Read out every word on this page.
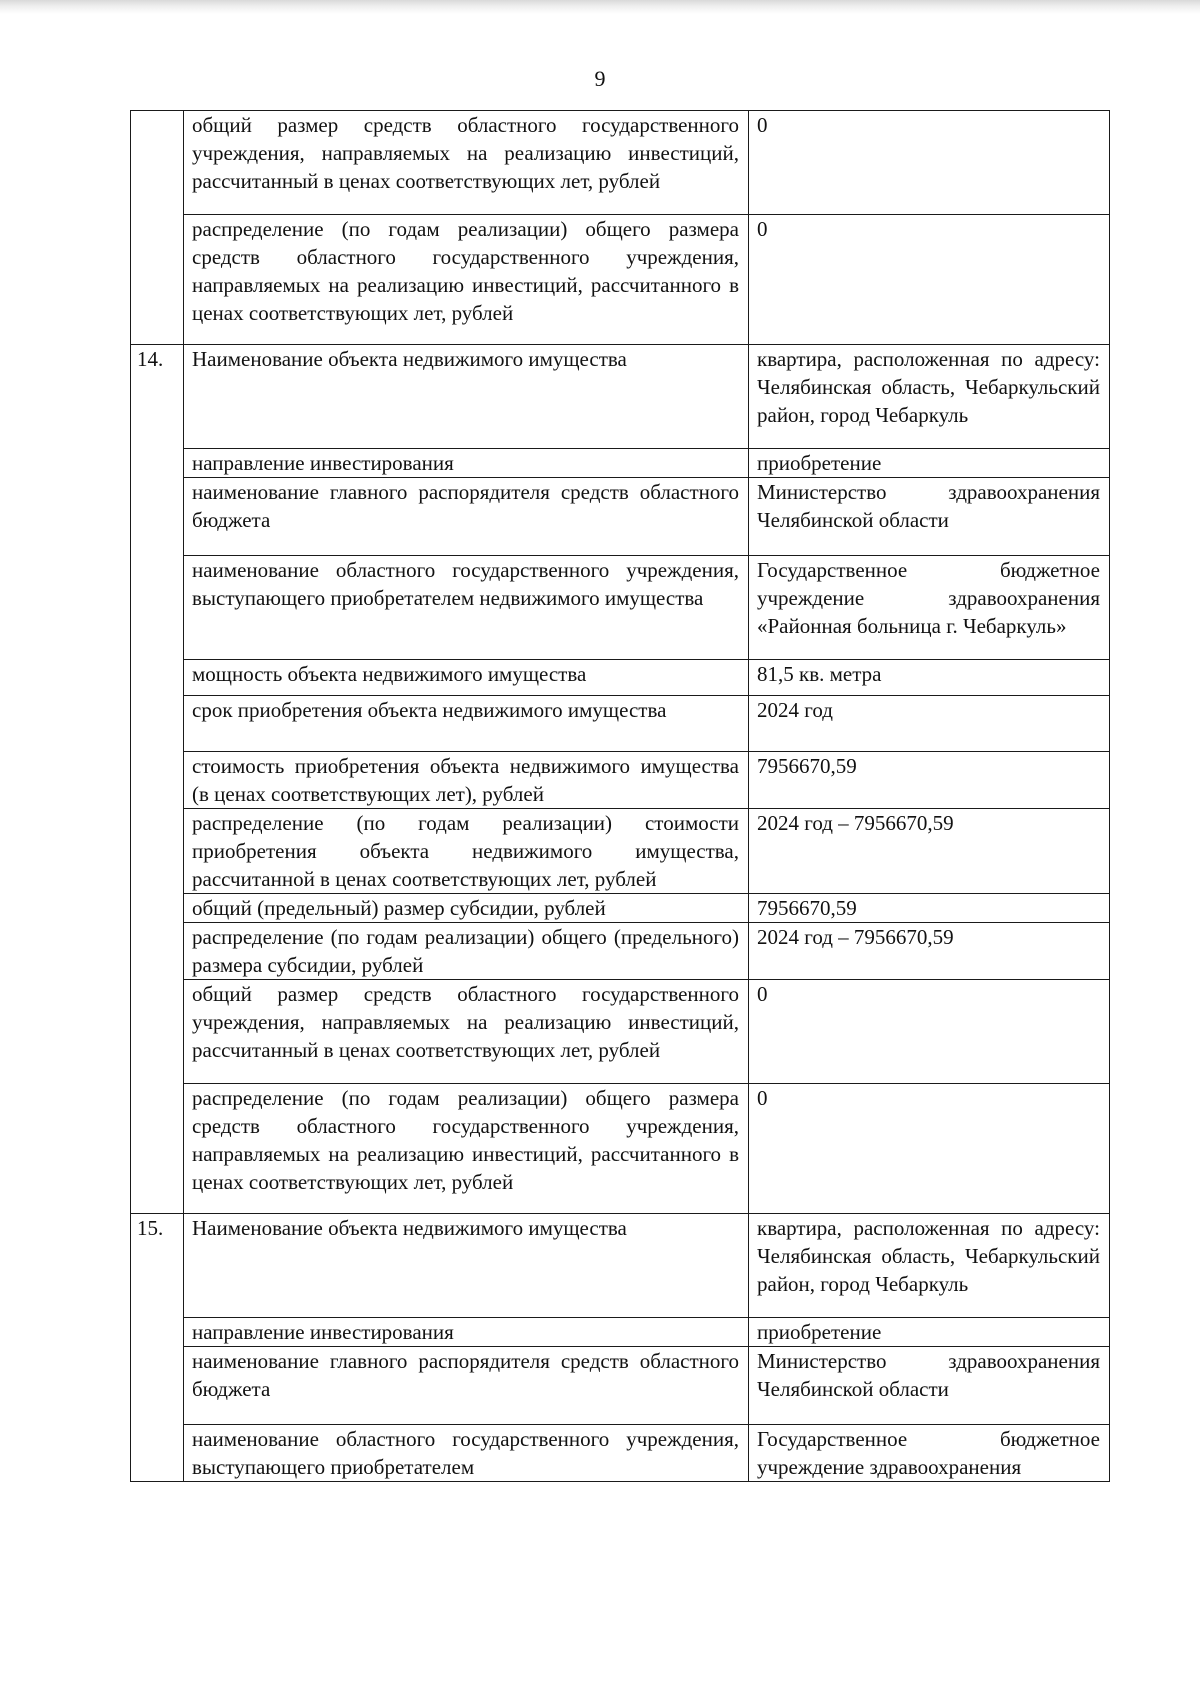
9
	общий размер средств областного государственного учреждения, направляемых на реализацию инвестиций, рассчитанный в ценах соответствующих лет, рублей	0
	распределение (по годам реализации) общего размера средств областного государственного учреждения, направляемых на реализацию инвестиций, рассчитанного в ценах соответствующих лет, рублей	0
14.	Наименование объекта недвижимого имущества	квартира, расположенная по адресу: Челябинская область, Чебаркульский район, город Чебаркуль
	направление инвестирования	приобретение
	наименование главного распорядителя средств областного бюджета	Министерство здравоохранения Челябинской области
	наименование областного государственного учреждения, выступающего приобретателем недвижимого имущества	Государственное бюджетное учреждение здравоохранения «Районная больница г. Чебаркуль»
	мощность объекта недвижимого имущества	81,5 кв. метра
	срок приобретения объекта недвижимого имущества	2024 год
	стоимость приобретения объекта недвижимого имущества (в ценах соответствующих лет), рублей	7956670,59
	распределение (по годам реализации) стоимости приобретения объекта недвижимого имущества, рассчитанной в ценах соответствующих лет, рублей	2024 год – 7956670,59
	общий (предельный) размер субсидии, рублей	7956670,59
	распределение (по годам реализации) общего (предельного) размера субсидии, рублей	2024 год – 7956670,59
	общий размер средств областного государственного учреждения, направляемых на реализацию инвестиций, рассчитанный в ценах соответствующих лет, рублей	0
	распределение (по годам реализации) общего размера средств областного государственного учреждения, направляемых на реализацию инвестиций, рассчитанного в ценах соответствующих лет, рублей	0
15.	Наименование объекта недвижимого имущества	квартира, расположенная по адресу: Челябинская область, Чебаркульский район, город Чебаркуль
	направление инвестирования	приобретение
	наименование главного распорядителя средств областного бюджета	Министерство здравоохранения Челябинской области
	наименование областного государственного учреждения, выступающего приобретателем	Государственное бюджетное учреждение здравоохранения
